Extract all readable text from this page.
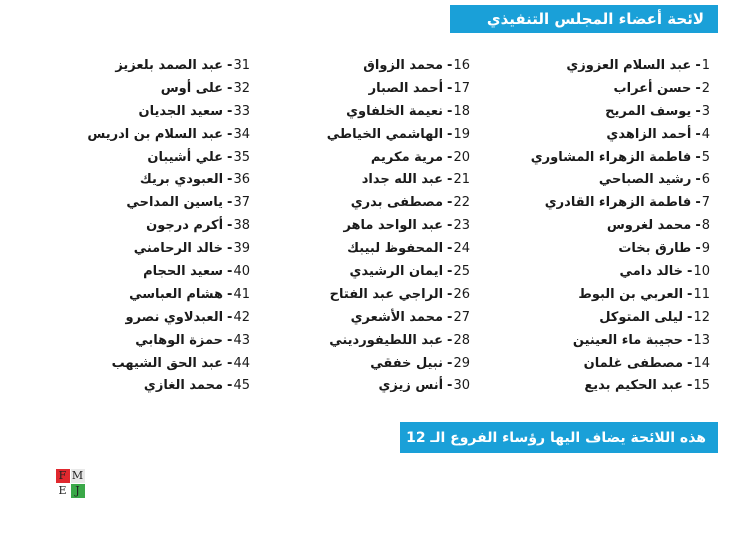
لائحة أعضاء المجلس التنفيذي
1-عبد السلام العزوزي
2-حسن أعراب
3-يوسف المريح
4-أحمد الزاهدي
5-فاطمة الزهراء المشاوري
6-رشيد الصباحي
7-فاطمة الزهراء القادري
8-محمد لغروس
9-طارق بخات
10-خالد دامي
11-العربي بن البوط
12-ليلى المتوكل
13-حجيبة ماء العينين
14-مصطفى غلمان
15-عبد الحكيم بديع
16-محمد الزواق
17-أحمد الصبار
18-نعيمة الخلفاوي
19-الهاشمي الخياطي
20-مرية مكريم
21-عبد الله جداد
22-مصطفى بدري
23-عبد الواحد ماهر
24-المحفوظ لبيبك
25-ايمان الرشيدي
26-الراجي عبد الفتاح
27-محمد الأشعري
28-عبد اللطيفورديني
29-نبيل خفقي
30-أنس زيزي
31-عبد الصمد بلعزيز
32-على أوس
33-سعيد الجديان
34-عبد السلام بن ادريس
35-علي أشيبان
36-العبودي بريك
37-ياسين المداحي
38-أكرم درجون
39-خالد الرحامني
40-سعيد الحجام
41-هشام العباسي
42-العبدلاوي نصرو
43-حمزة الوهابي
44-عبد الحق الشيهب
45-محمد الغازي
هذه اللائحة يضاف اليها رؤساء الفروع الـ 12

F M
E J
